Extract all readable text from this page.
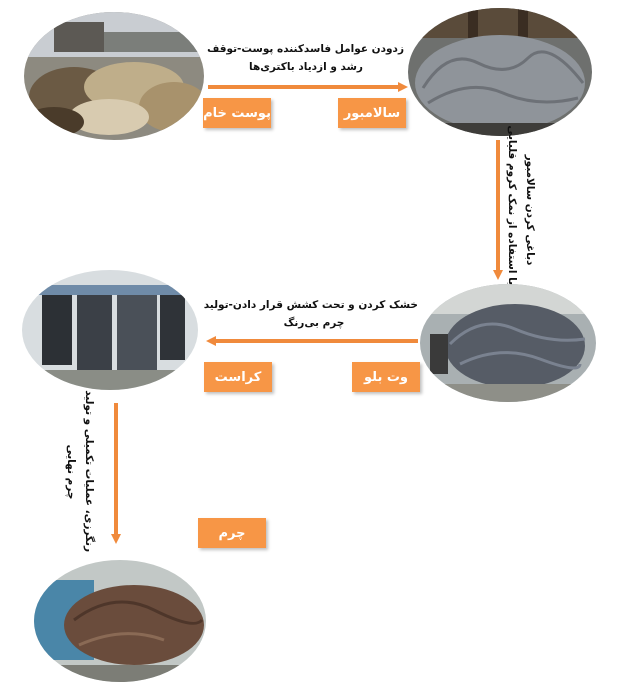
پوست خام	سالامبور
کراست	وت بلو
چرم
زدودن عوامل فاسدکننده پوست-توقف
رشد و ازدیاد باکتری‌ها
خشک کردن و تحت کشش قرار دادن-تولید
چرم بی‌رنگ
دباغی کردن سالامبور
با استفاده از نمک کروم قلیایی
رنگرزی، عملیات تکمیلی و تولید
چرم نهایی
